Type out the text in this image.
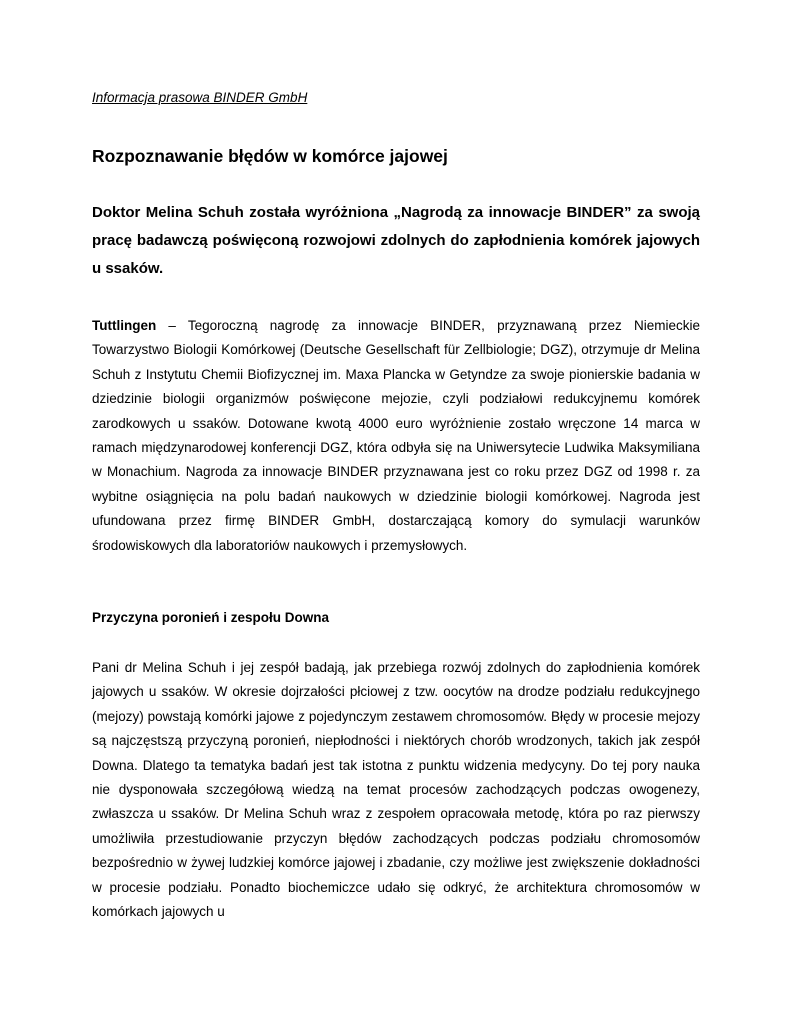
Informacja prasowa BINDER GmbH
Rozpoznawanie błędów w komórce jajowej

Doktor Melina Schuh została wyróżniona „Nagrodą za innowacje BINDER” za swoją pracę badawczą poświęconą rozwojowi zdolnych do zapłodnienia komórek jajowych u ssaków.

Tuttlingen – Tegoroczną nagrodę za innowacje BINDER, przyznawaną przez Niemieckie Towarzystwo Biologii Komórkowej (Deutsche Gesellschaft für Zellbiologie; DGZ), otrzymuje dr Melina Schuh z Instytutu Chemii Biofizycznej im. Maxa Plancka w Getyndze za swoje pionierskie badania w dziedzinie biologii organizmów poświęcone mejozie, czyli podziałowi redukcyjnemu komórek zarodkowych u ssaków. Dotowane kwotą 4000 euro wyróżnienie zostało wręczone 14 marca w ramach międzynarodowej konferencji DGZ, która odbyła się na Uniwersytecie Ludwika Maksymiliana w Monachium. Nagroda za innowacje BINDER przyznawana jest co roku przez DGZ od 1998 r. za wybitne osiągnięcia na polu badań naukowych w dziedzinie biologii komórkowej. Nagroda jest ufundowana przez firmę BINDER GmbH, dostarczającą komory do symulacji warunków środowiskowych dla laboratoriów naukowych i przemysłowych.

Przyczyna poronień i zespołu Downa

Pani dr Melina Schuh i jej zespół badają, jak przebiega rozwój zdolnych do zapłodnienia komórek jajowych u ssaków. W okresie dojrzałości płciowej z tzw. oocytów na drodze podziału redukcyjnego (mejozy) powstają komórki jajowe z pojedynczym zestawem chromosomów. Błędy w procesie mejozy są najczęstszą przyczyną poronień, niepłodności i niektórych chorób wrodzonych, takich jak zespół Downa. Dlatego ta tematyka badań jest tak istotna z punktu widzenia medycyny. Do tej pory nauka nie dysponowała szczegółową wiedzą na temat procesów zachodzących podczas owogenezy, zwłaszcza u ssaków. Dr Melina Schuh wraz z zespołem opracowała metodę, która po raz pierwszy umożliwiła przestudiowanie przyczyn błędów zachodzących podczas podziału chromosomów bezpośrednio w żywej ludzkiej komórce jajowej i zbadanie, czy możliwe jest zwiększenie dokładności w procesie podziału. Ponadto biochemiczce udało się odkryć, że architektura chromosomów w komórkach jajowych u
